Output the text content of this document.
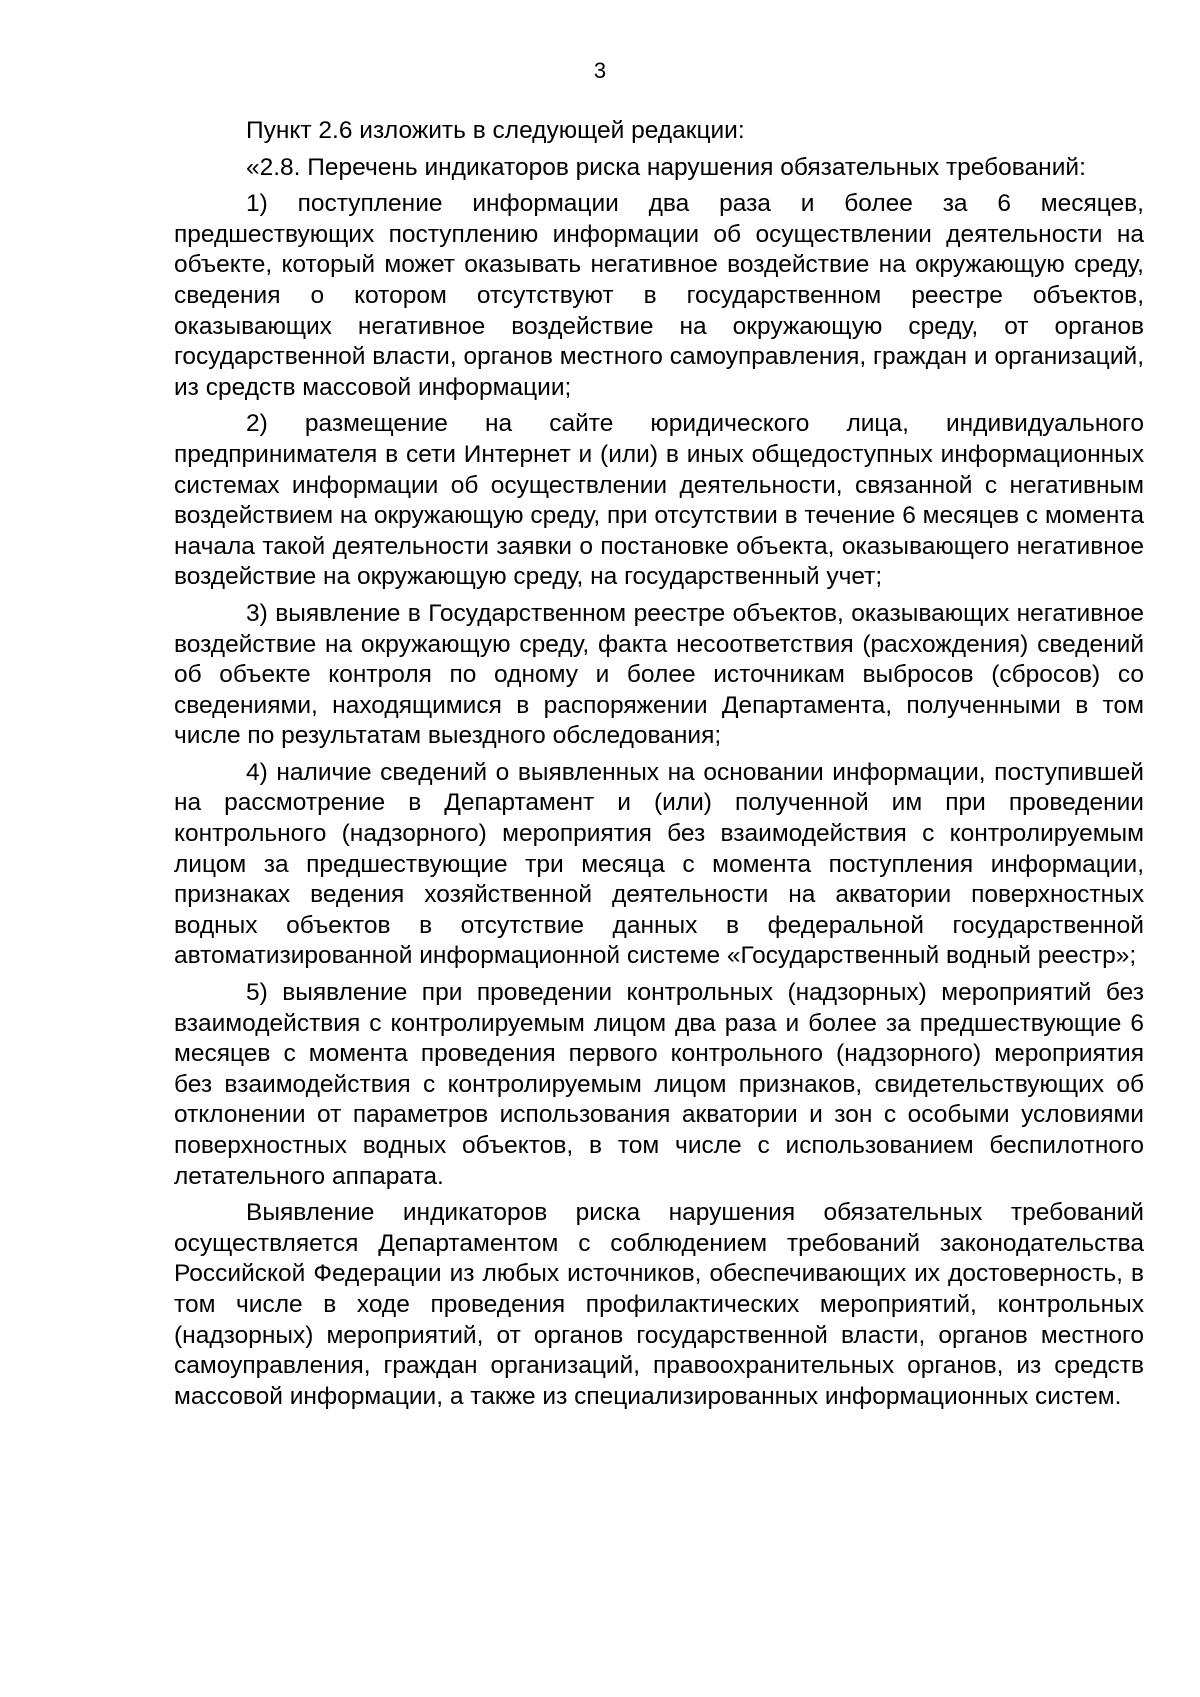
3

Пункт 2.6 изложить в следующей редакции:

«2.8. Перечень индикаторов риска нарушения обязательных требований:

1) поступление информации два раза и более за 6 месяцев, предшествующих поступлению информации об осуществлении деятельности на объекте, который может оказывать негативное воздействие на окружающую среду, сведения о котором отсутствуют в государственном реестре объектов, оказывающих негативное воздействие на окружающую среду, от органов государственной власти, органов местного самоуправления, граждан и организаций, из средств массовой информации;

2) размещение на сайте юридического лица, индивидуального предпринимателя в сети Интернет и (или) в иных общедоступных информационных системах информации об осуществлении деятельности, связанной с негативным воздействием на окружающую среду, при отсутствии в течение 6 месяцев с момента начала такой деятельности заявки о постановке объекта, оказывающего негативное воздействие на окружающую среду, на государственный учет;

3) выявление в Государственном реестре объектов, оказывающих негативное воздействие на окружающую среду, факта несоответствия (расхождения) сведений об объекте контроля по одному и более источникам выбросов (сбросов) со сведениями, находящимися в распоряжении Департамента, полученными в том числе по результатам выездного обследования;

4) наличие сведений о выявленных на основании информации, поступившей на рассмотрение в Департамент и (или) полученной им при проведении контрольного (надзорного) мероприятия без взаимодействия с контролируемым лицом за предшествующие три месяца с момента поступления информации, признаках ведения хозяйственной деятельности на акватории поверхностных водных объектов в отсутствие данных в федеральной государственной автоматизированной информационной системе «Государственный водный реестр»;

5) выявление при проведении контрольных (надзорных) мероприятий без взаимодействия с контролируемым лицом два раза и более за предшествующие 6 месяцев с момента проведения первого контрольного (надзорного) мероприятия без взаимодействия с контролируемым лицом признаков, свидетельствующих об отклонении от параметров использования акватории и зон с особыми условиями поверхностных водных объектов, в том числе с использованием беспилотного летательного аппарата.

Выявление индикаторов риска нарушения обязательных требований осуществляется Департаментом с соблюдением требований законодательства Российской Федерации из любых источников, обеспечивающих их достоверность, в том числе в ходе проведения профилактических мероприятий, контрольных (надзорных) мероприятий, от органов государственной власти, органов местного самоуправления, граждан организаций, правоохранительных органов, из средств массовой информации, а также из специализированных информационных систем.
